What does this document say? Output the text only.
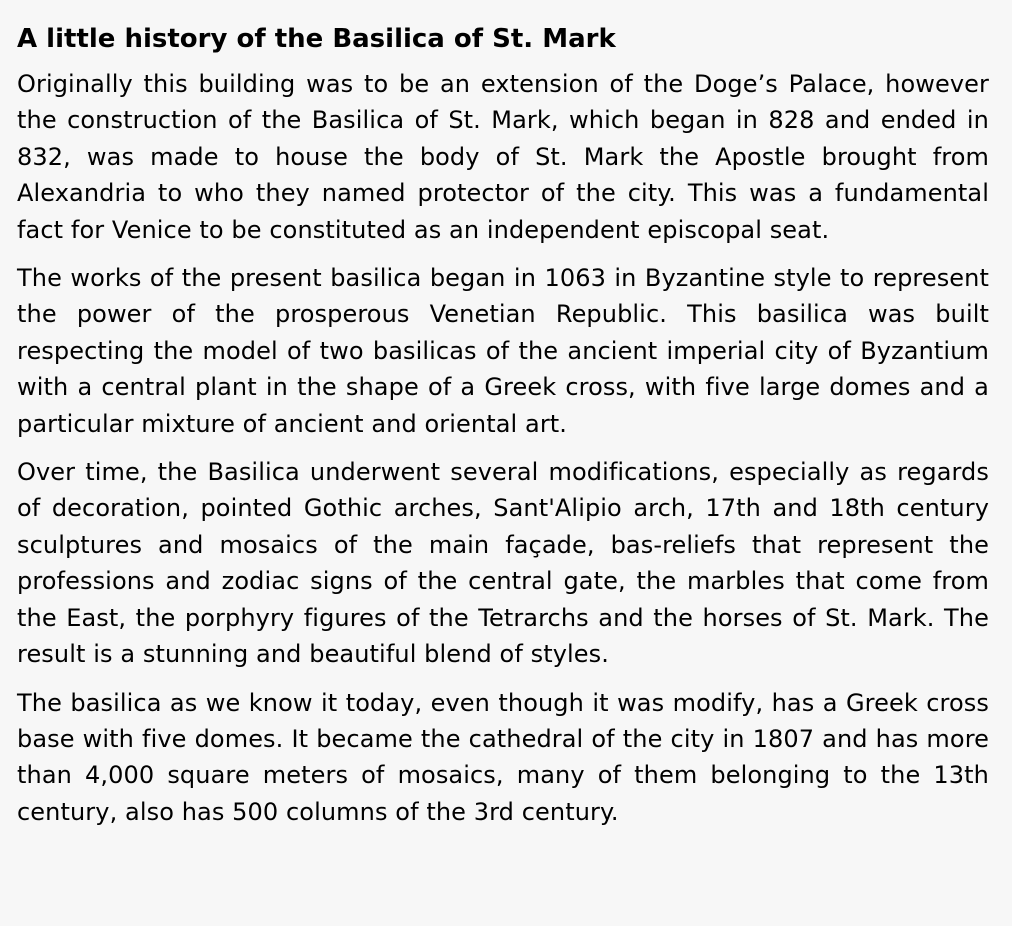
A little history of the Basilica of St. Mark

Originally this building was to be an extension of the Doge’s Palace, however the construction of the Basilica of St. Mark, which began in 828 and ended in 832, was made to house the body of St. Mark the Apostle brought from Alexandria to who they named protector of the city. This was a fundamental fact for Venice to be constituted as an independent episcopal seat.

The works of the present basilica began in 1063 in Byzantine style to represent the power of the prosperous Venetian Republic. This basilica was built respecting the model of two basilicas of the ancient imperial city of Byzantium with a central plant in the shape of a Greek cross, with five large domes and a particular mixture of ancient and oriental art.

Over time, the Basilica underwent several modifications, especially as regards of decoration, pointed Gothic arches, Sant'Alipio arch, 17th and 18th century sculptures and mosaics of the main façade, bas-reliefs that represent the professions and zodiac signs of the central gate, the marbles that come from the East, the porphyry figures of the Tetrarchs and the horses of St. Mark. The result is a stunning and beautiful blend of styles.

The basilica as we know it today, even though it was modify, has a Greek cross base with five domes. It became the cathedral of the city in 1807 and has more than 4,000 square meters of mosaics, many of them belonging to the 13th century, also has 500 columns of the 3rd century.
